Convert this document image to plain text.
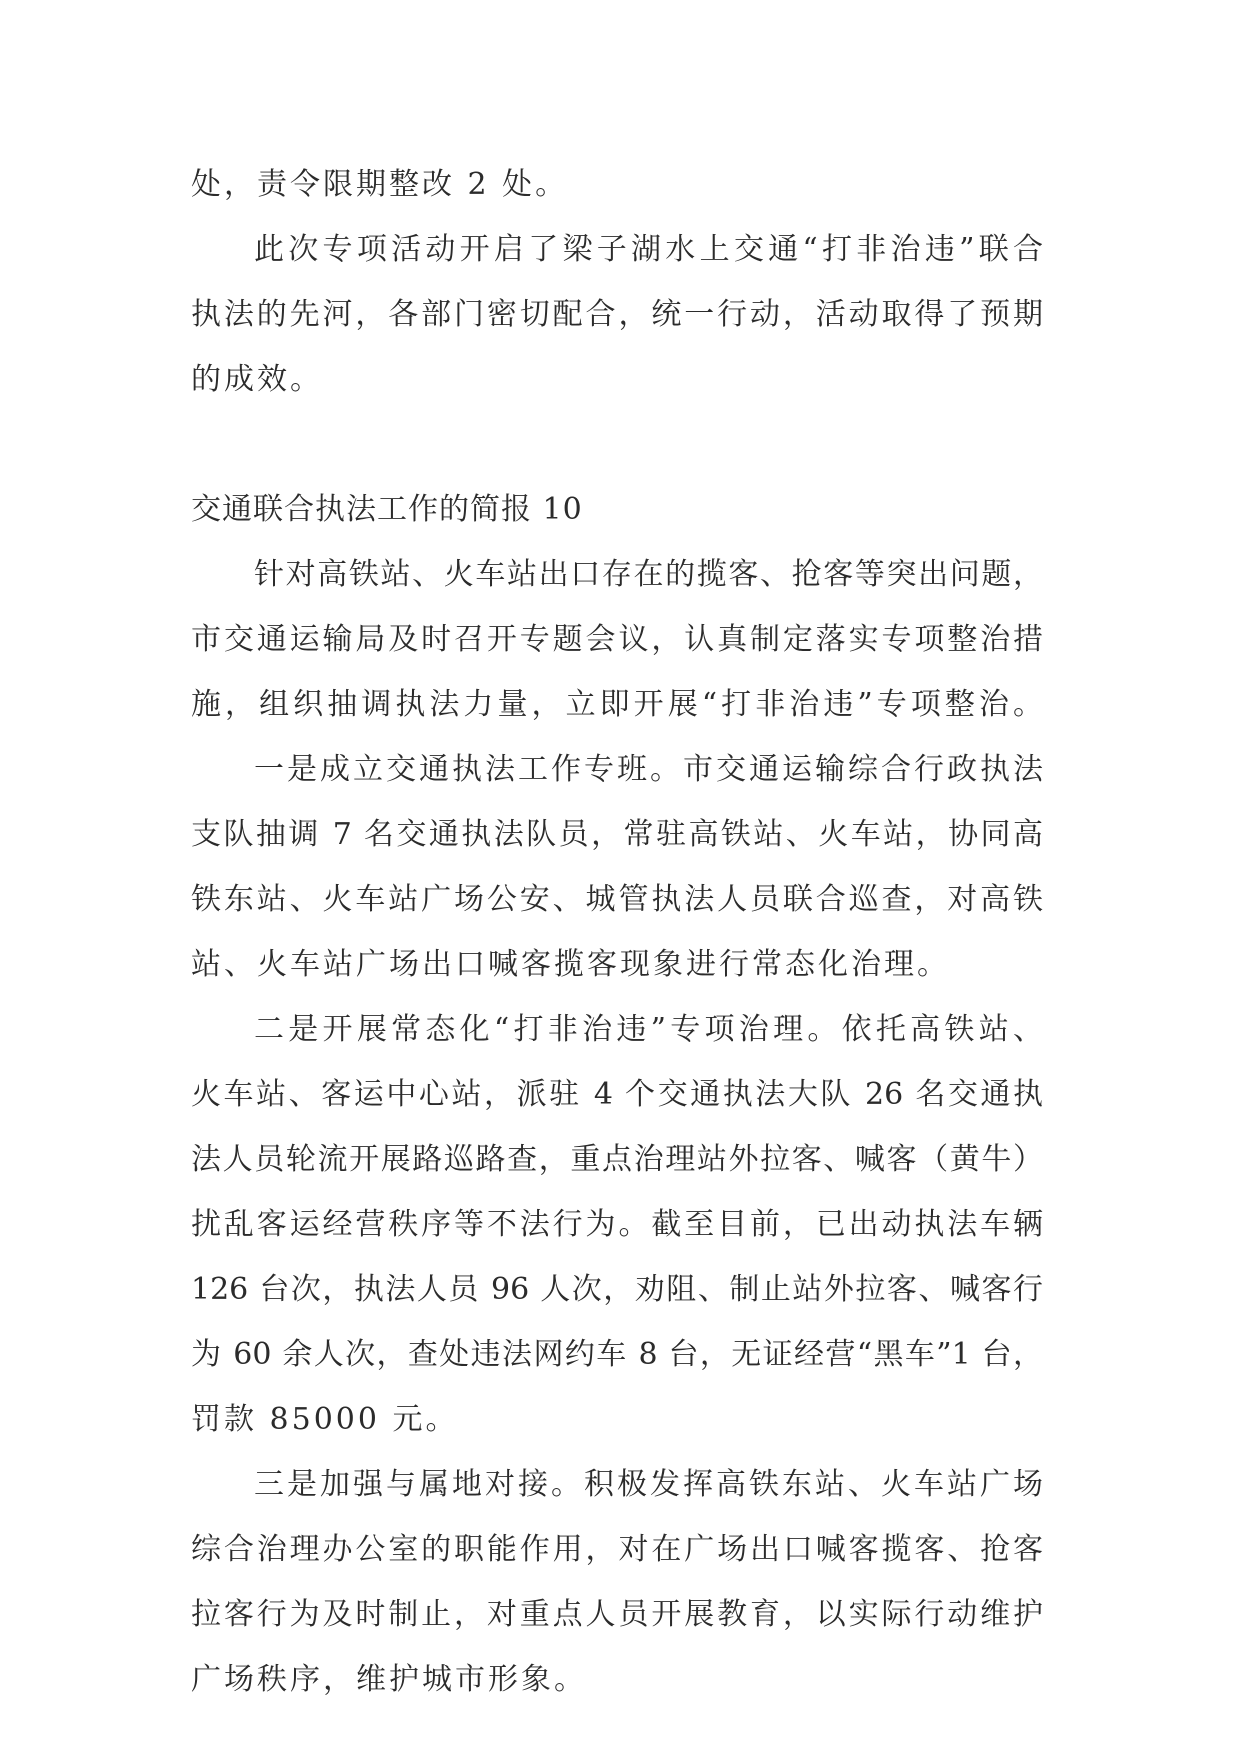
处，责令限期整改 2 处。

此次专项活动开启了梁子湖水上交通“打非治违”联合

执法的先河，各部门密切配合，统一行动，活动取得了预期

的成效。

交通联合执法工作的简报 10

针对高铁站、火车站出口存在的揽客、抢客等突出问题，

市交通运输局及时召开专题会议，认真制定落实专项整治措

施，组织抽调执法力量，立即开展“打非治违”专项整治。

一是成立交通执法工作专班。市交通运输综合行政执法

支队抽调 7 名交通执法队员，常驻高铁站、火车站，协同高

铁东站、火车站广场公安、城管执法人员联合巡查，对高铁

站、火车站广场出口喊客揽客现象进行常态化治理。

二是开展常态化“打非治违”专项治理。依托高铁站、

火车站、客运中心站，派驻 4 个交通执法大队 26 名交通执

法人员轮流开展路巡路查，重点治理站外拉客、喊客（黄牛）

扰乱客运经营秩序等不法行为。截至目前，已出动执法车辆

126 台次，执法人员 96 人次，劝阻、制止站外拉客、喊客行

为 60 余人次，查处违法网约车 8 台，无证经营“黑车”1 台，

罚款 85000 元。

三是加强与属地对接。积极发挥高铁东站、火车站广场

综合治理办公室的职能作用，对在广场出口喊客揽客、抢客

拉客行为及时制止，对重点人员开展教育，以实际行动维护

广场秩序，维护城市形象。
